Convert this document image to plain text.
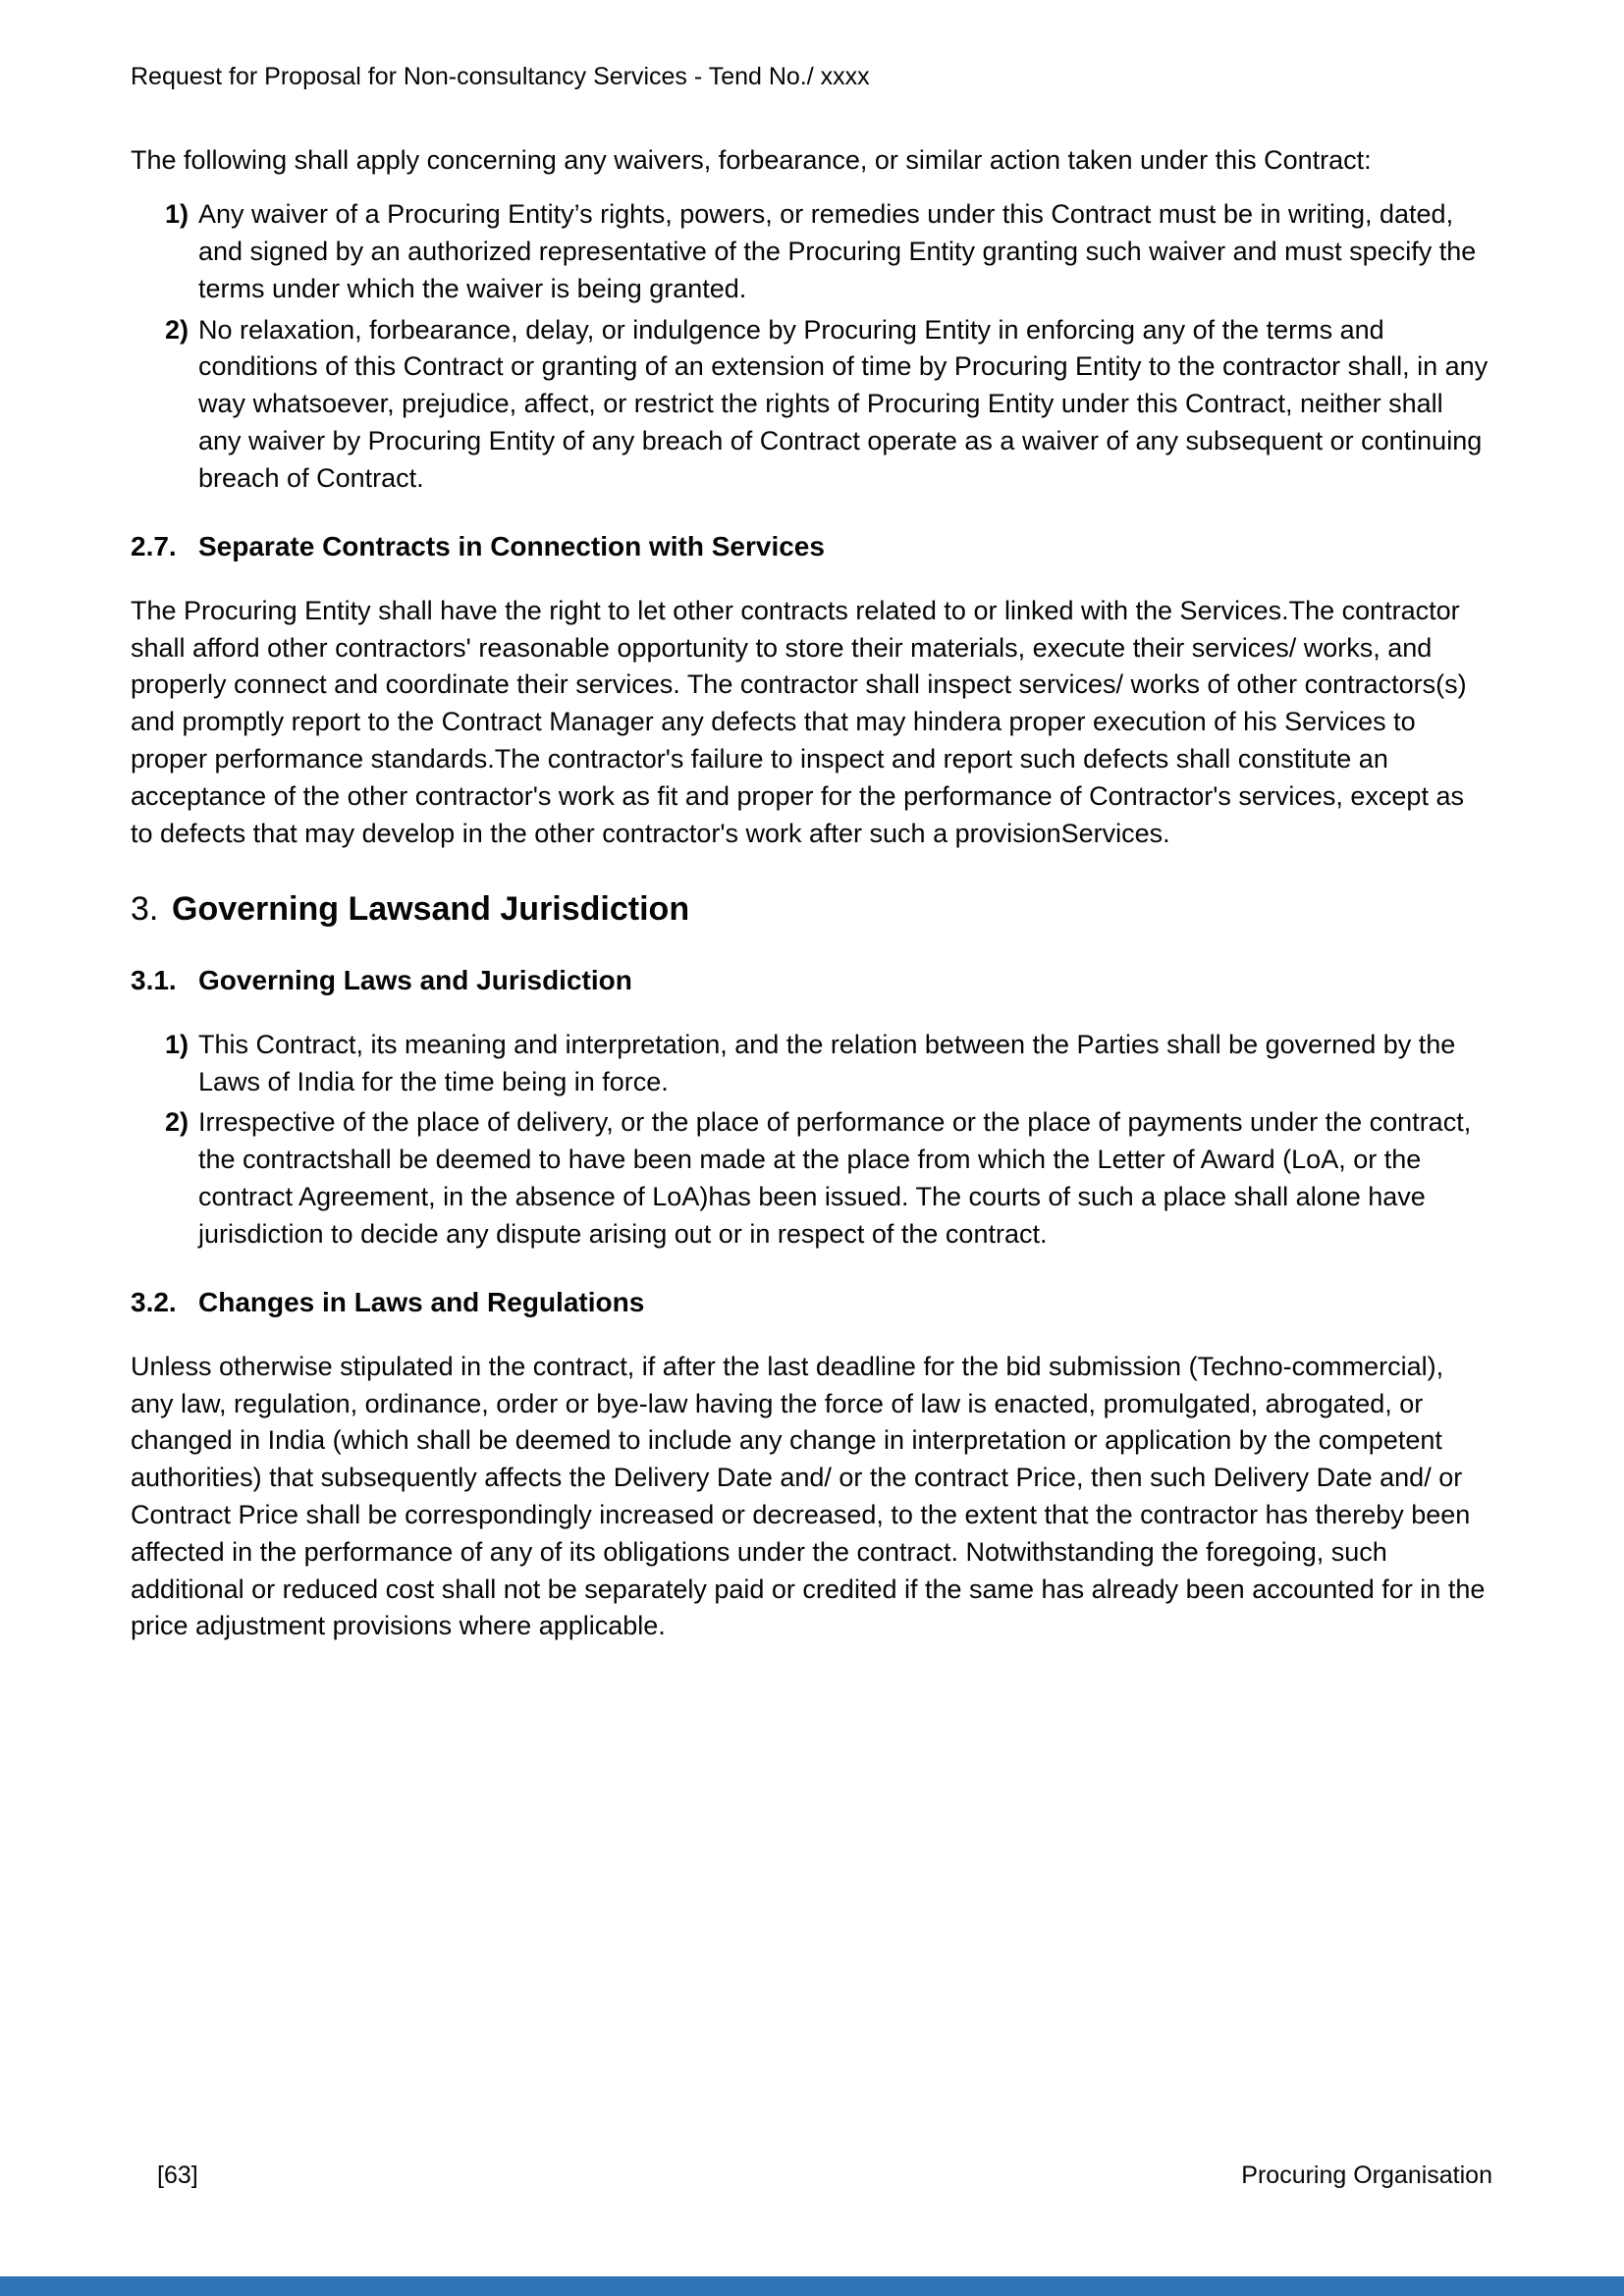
Request for Proposal for Non-consultancy Services - Tend No./ xxxx

The following shall apply concerning any waivers, forbearance, or similar action taken under this Contract:

1) Any waiver of a Procuring Entity’s rights, powers, or remedies under this Contract must be in writing, dated, and signed by an authorized representative of the Procuring Entity granting such waiver and must specify the terms under which the waiver is being granted.
2) No relaxation, forbearance, delay, or indulgence by Procuring Entity in enforcing any of the terms and conditions of this Contract or granting of an extension of time by Procuring Entity to the contractor shall, in any way whatsoever, prejudice, affect, or restrict the rights of Procuring Entity under this Contract, neither shall any waiver by Procuring Entity of any breach of Contract operate as a waiver of any subsequent or continuing breach of Contract.
2.7. Separate Contracts in Connection with Services

The Procuring Entity shall have the right to let other contracts related to or linked with the Services.The contractor shall afford other contractors' reasonable opportunity to store their materials, execute their services/ works, and properly connect and coordinate their services. The contractor shall inspect services/ works of other contractors(s) and promptly report to the Contract Manager any defects that may hindera proper execution of his Services to proper performance standards.The contractor's failure to inspect and report such defects shall constitute an acceptance of the other contractor's work as fit and proper for the performance of Contractor's services, except as to defects that may develop in the other contractor's work after such a provisionServices.

3. Governing Lawsand Jurisdiction
3.1. Governing Laws and Jurisdiction
1) This Contract, its meaning and interpretation, and the relation between the Parties shall be governed by the Laws of India for the time being in force.
2) Irrespective of the place of delivery, or the place of performance or the place of payments under the contract, the contractshall be deemed to have been made at the place from which the Letter of Award (LoA, or the contract Agreement, in the absence of LoA)has been issued. The courts of such a place shall alone have jurisdiction to decide any dispute arising out or in respect of the contract.
3.2. Changes in Laws and Regulations

Unless otherwise stipulated in the contract, if after the last deadline for the bid submission (Techno-commercial), any law, regulation, ordinance, order or bye-law having the force of law is enacted, promulgated, abrogated, or changed in India (which shall be deemed to include any change in interpretation or application by the competent authorities) that subsequently affects the Delivery Date and/ or the contract Price, then such Delivery Date and/ or Contract Price shall be correspondingly increased or decreased, to the extent that the contractor has thereby been affected in the performance of any of its obligations under the contract. Notwithstanding the foregoing, such additional or reduced cost shall not be separately paid or credited if the same has already been accounted for in the price adjustment provisions where applicable.

[63]	Procuring Organisation
